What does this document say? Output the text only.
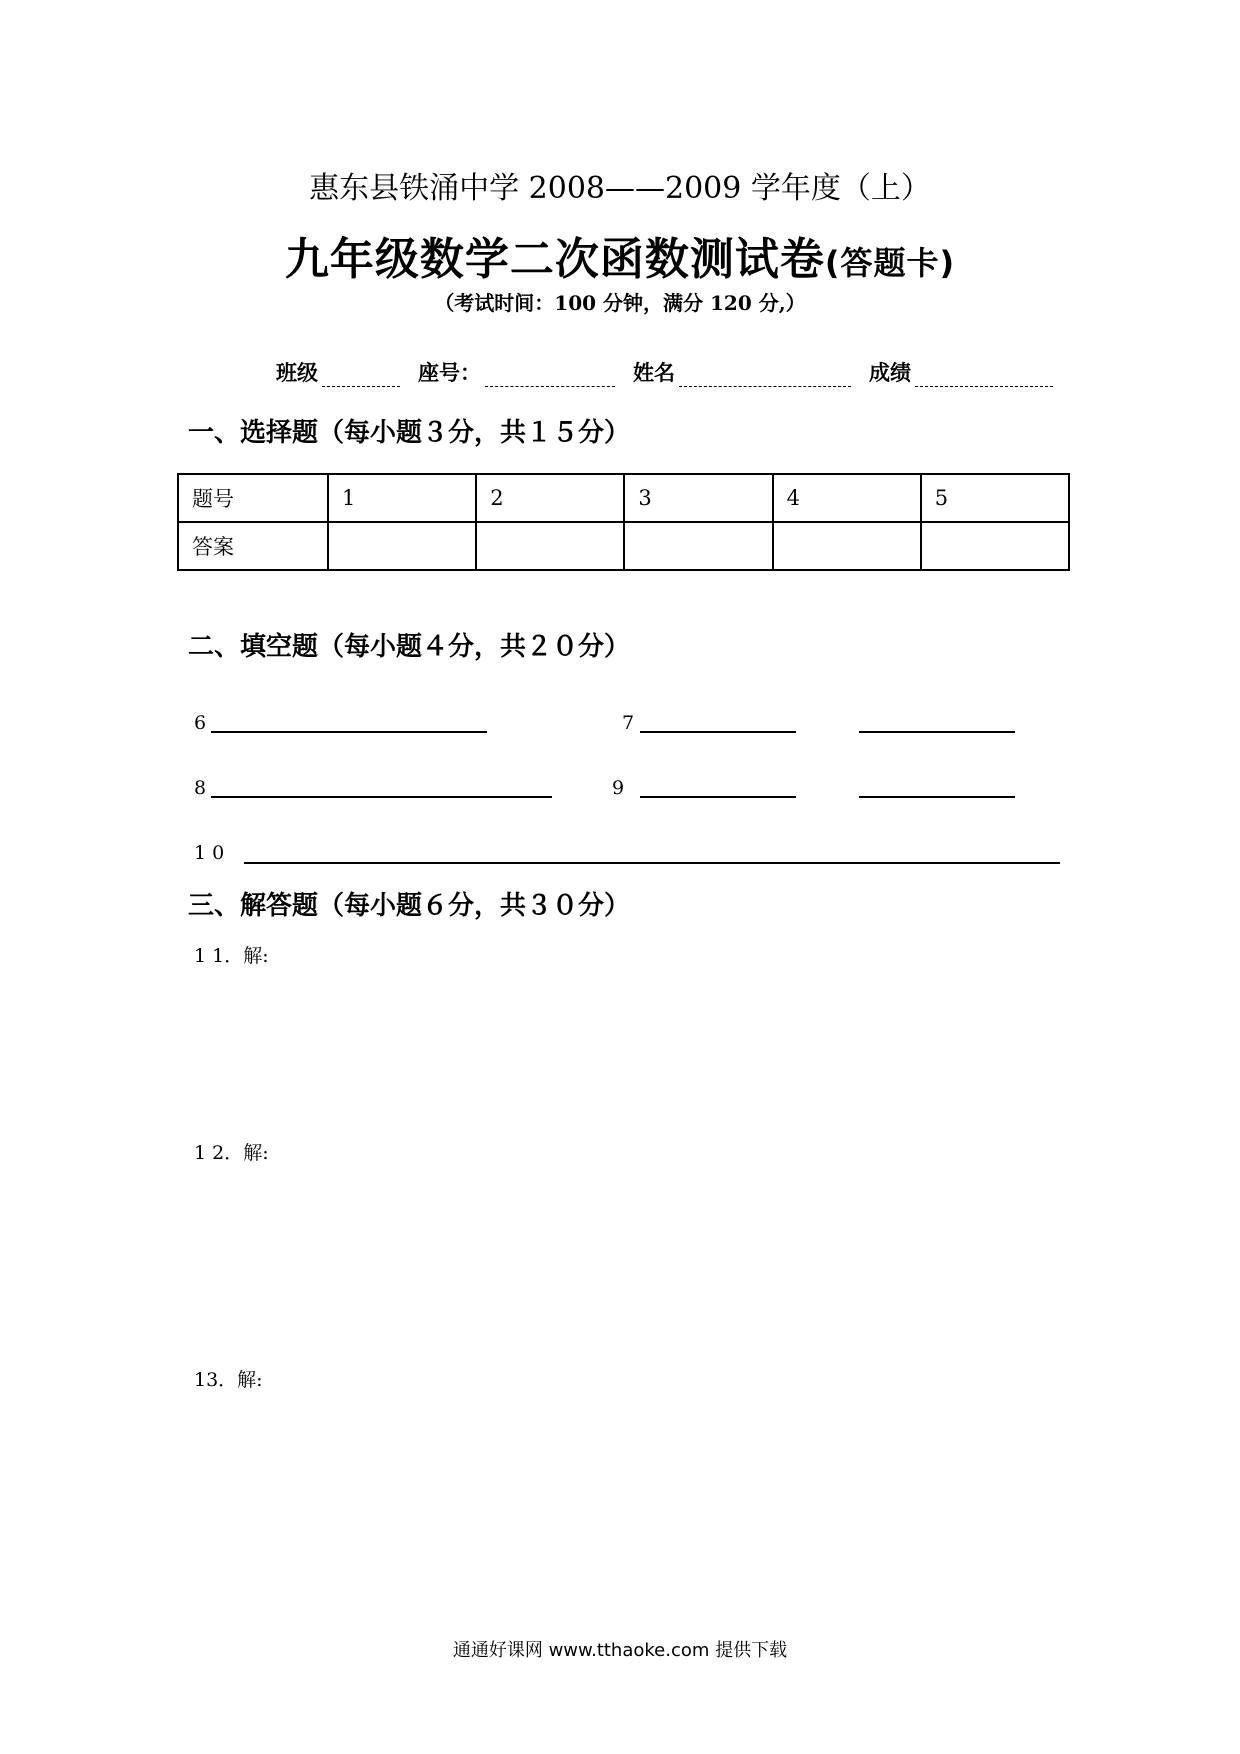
惠东县铁涌中学 2008——2009 学年度（上）
九年级数学二次函数测试卷(答题卡)
（考试时间：100 分钟，满分 120 分,）
班级	座号：	姓名	成绩
一、选择题（每小题３分，共１５分）
题号	1	2	3	4	5
答案					
二、填空题（每小题４分，共２０分）
6	7
8	9
1 0
三、解答题（每小题６分，共３０分）
1 1．解:
1 2．解:
13．解:
通通好课网 www.tthaoke.com 提供下载
